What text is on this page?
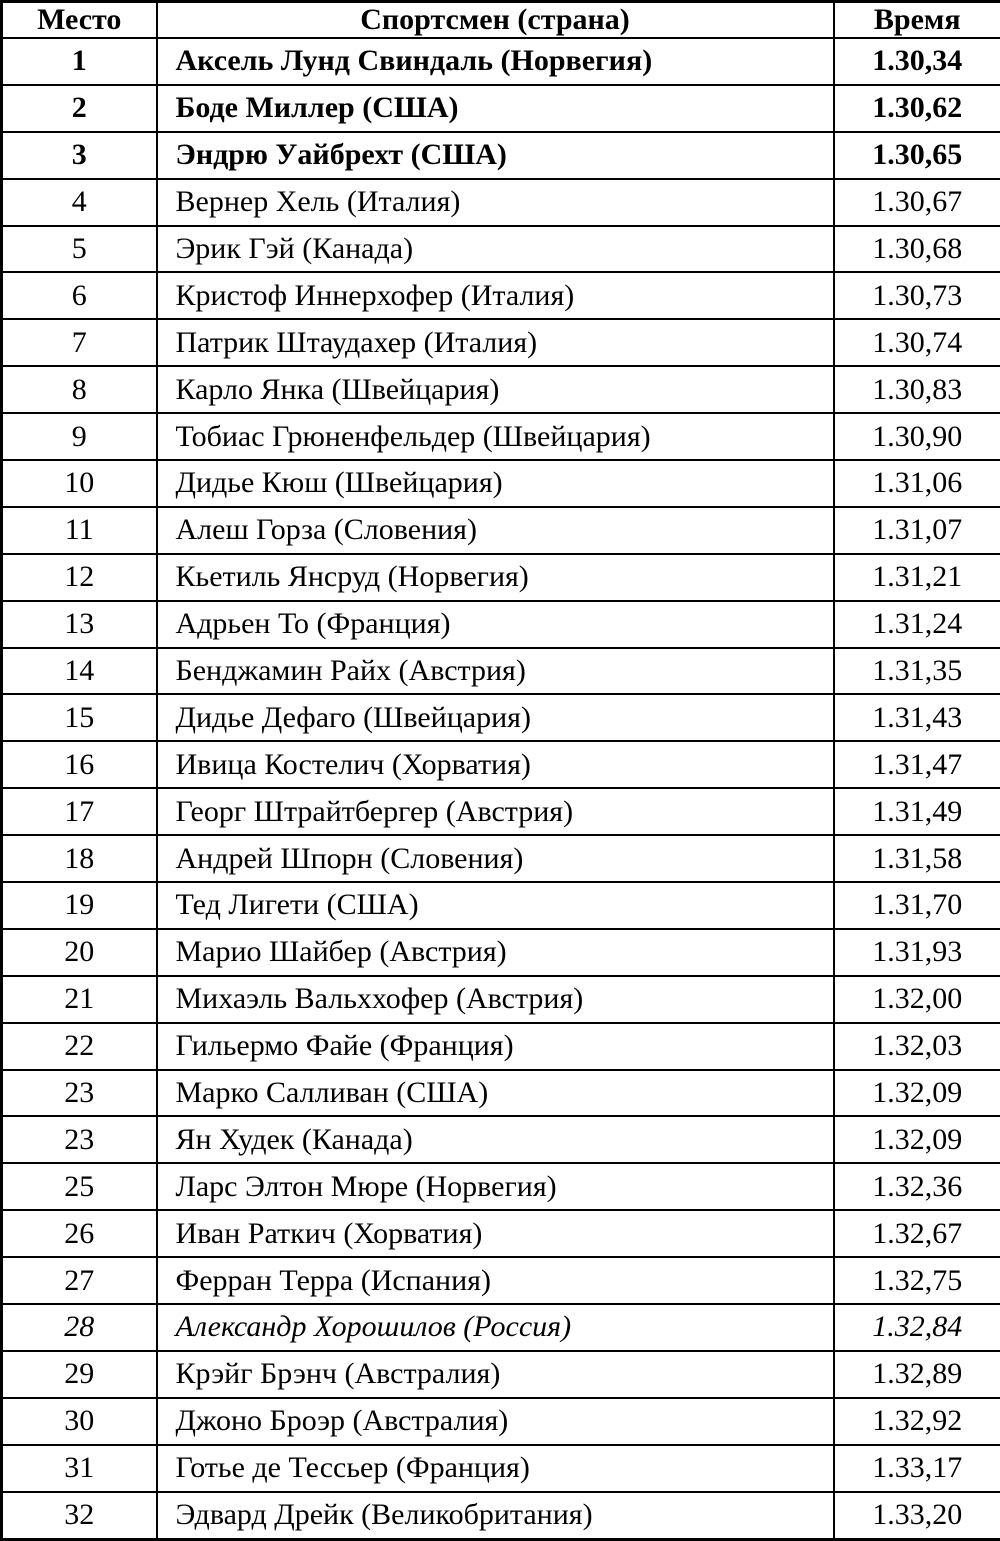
Место	Спортсмен (страна)	Время
1	Аксель Лунд Свиндаль (Норвегия)	1.30,34
2	Боде Миллер (США)	1.30,62
3	Эндрю Уайбрехт (США)	1.30,65
4	Вернер Хель (Италия)	1.30,67
5	Эрик Гэй (Канада)	1.30,68
6	Кристоф Иннерхофер (Италия)	1.30,73
7	Патрик Штаудахер (Италия)	1.30,74
8	Карло Янка (Швейцария)	1.30,83
9	Тобиас Грюненфельдер (Швейцария)	1.30,90
10	Дидье Кюш (Швейцария)	1.31,06
11	Алеш Горза (Словения)	1.31,07
12	Кьетиль Янсруд (Норвегия)	1.31,21
13	Адрьен То (Франция)	1.31,24
14	Бенджамин Райх (Австрия)	1.31,35
15	Дидье Дефаго (Швейцария)	1.31,43
16	Ивица Костелич (Хорватия)	1.31,47
17	Георг Штрайтбергер (Австрия)	1.31,49
18	Андрей Шпорн (Словения)	1.31,58
19	Тед Лигети (США)	1.31,70
20	Марио Шайбер (Австрия)	1.31,93
21	Михаэль Вальххофер (Австрия)	1.32,00
22	Гильермо Файе (Франция)	1.32,03
23	Марко Салливан (США)	1.32,09
23	Ян Худек (Канада)	1.32,09
25	Ларс Элтон Мюре (Норвегия)	1.32,36
26	Иван Раткич (Хорватия)	1.32,67
27	Ферран Терра (Испания)	1.32,75
28	Александр Хорошилов (Россия)	1.32,84
29	Крэйг Брэнч (Австралия)	1.32,89
30	Джоно Броэр (Австралия)	1.32,92
31	Готье де Тессьер (Франция)	1.33,17
32	Эдвард Дрейк (Великобритания)	1.33,20
